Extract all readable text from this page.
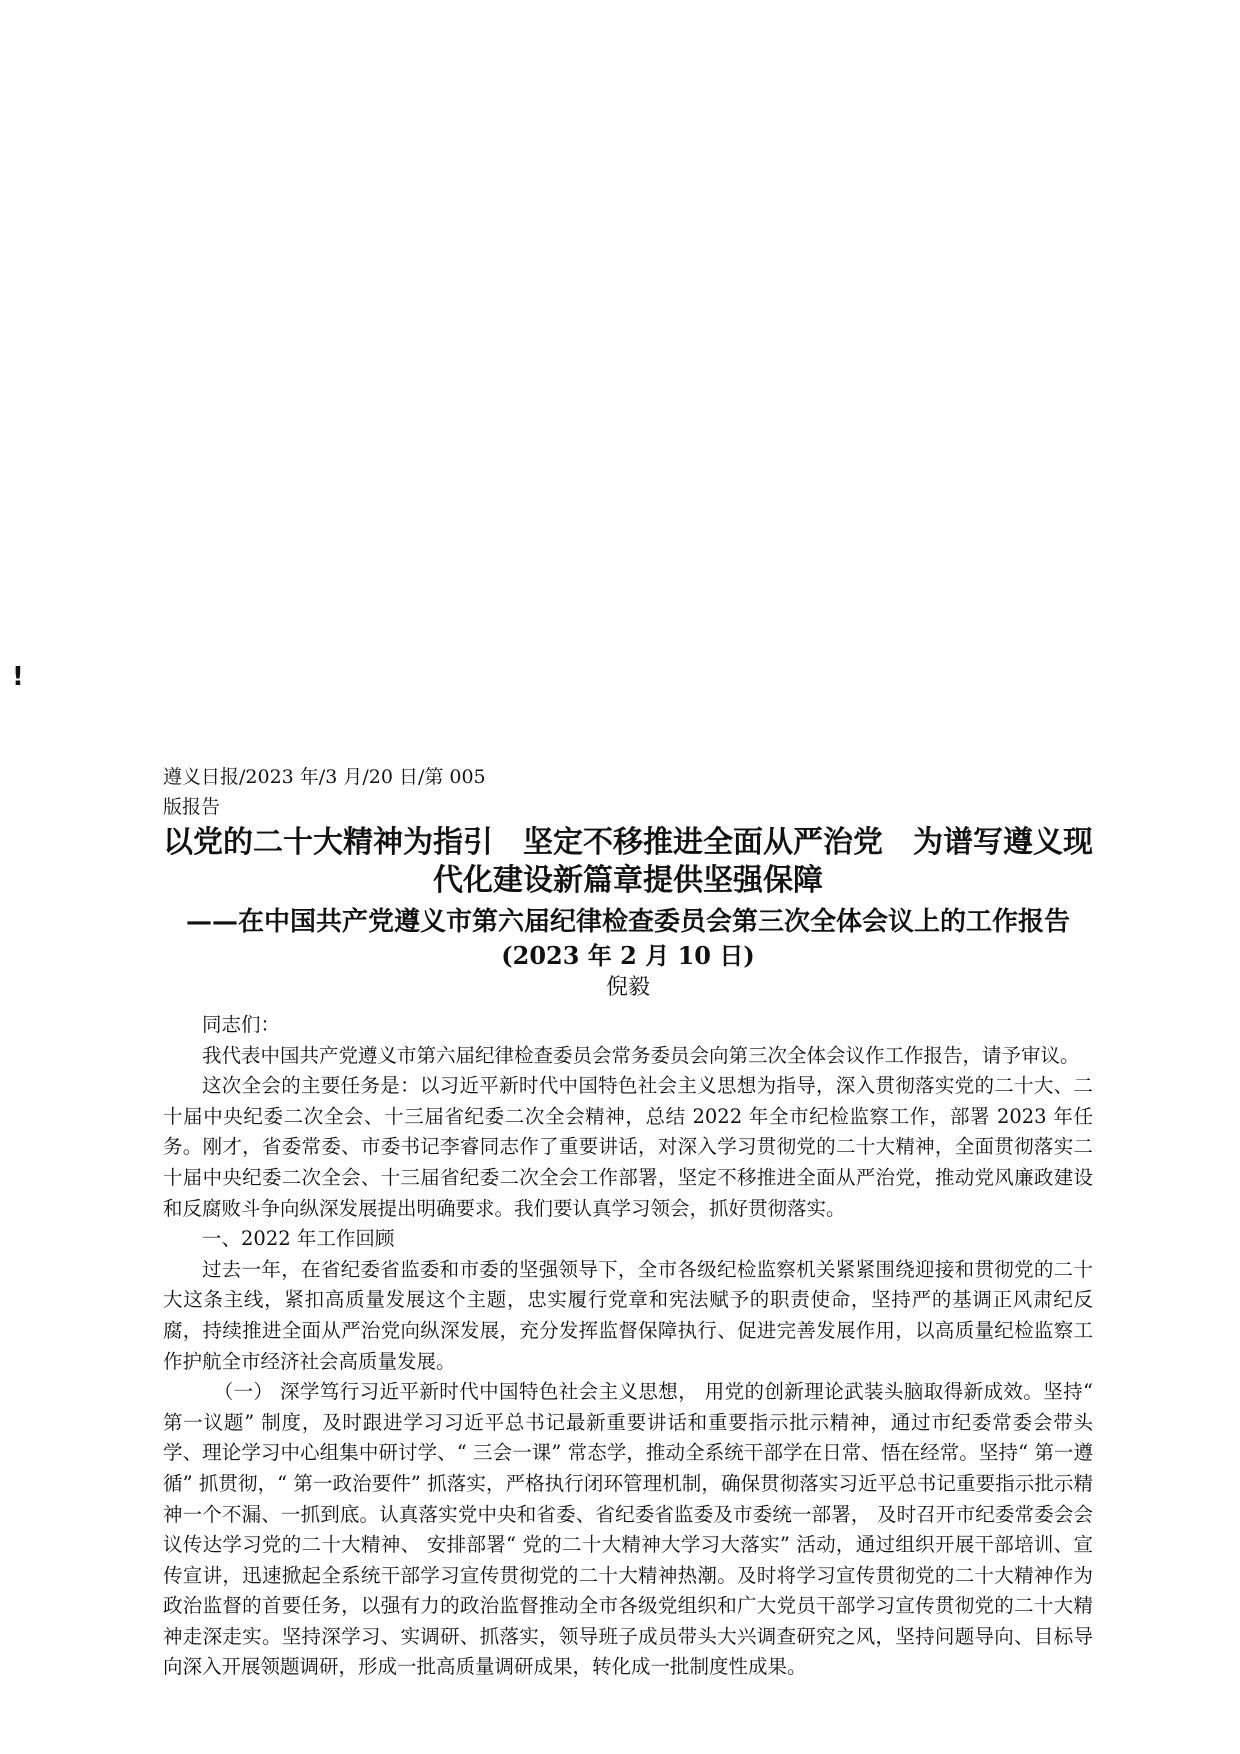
!

遵义日报/2023 年/3 月/20 日/第 005 版报告

以党的二十大精神为指引　坚定不移推进全面从严治党　为谱写遵义现代化建设新篇章提供坚强保障
——在中国共产党遵义市第六届纪律检查委员会第三次全体会议上的工作报告
(2023 年 2 月 10 日)
倪毅

同志们：

我代表中国共产党遵义市第六届纪律检查委员会常务委员会向第三次全体会议作工作报告，请予审议。

这次全会的主要任务是：以习近平新时代中国特色社会主义思想为指导，深入贯彻落实党的二十大、二十届中央纪委二次全会、十三届省纪委二次全会精神，总结 2022 年全市纪检监察工作，部署 2023 年任务。刚才，省委常委、市委书记李睿同志作了重要讲话，对深入学习贯彻党的二十大精神，全面贯彻落实二十届中央纪委二次全会、十三届省纪委二次全会工作部署，坚定不移推进全面从严治党，推动党风廉政建设和反腐败斗争向纵深发展提出明确要求。我们要认真学习领会，抓好贯彻落实。

一、2022 年工作回顾

过去一年，在省纪委省监委和市委的坚强领导下，全市各级纪检监察机关紧紧围绕迎接和贯彻党的二十大这条主线，紧扣高质量发展这个主题，忠实履行党章和宪法赋予的职责使命，坚持严的基调正风肃纪反腐，持续推进全面从严治党向纵深发展，充分发挥监督保障执行、促进完善发展作用，以高质量纪检监察工作护航全市经济社会高质量发展。

（一） 深学笃行习近平新时代中国特色社会主义思想， 用党的创新理论武装头脑取得新成效。坚持“ 第一议题” 制度，及时跟进学习习近平总书记最新重要讲话和重要指示批示精神，通过市纪委常委会带头学、理论学习中心组集中研讨学、“ 三会一课” 常态学，推动全系统干部学在日常、悟在经常。坚持“ 第一遵循” 抓贯彻，“ 第一政治要件” 抓落实，严格执行闭环管理机制，确保贯彻落实习近平总书记重要指示批示精神一个不漏、一抓到底。认真落实党中央和省委、省纪委省监委及市委统一部署， 及时召开市纪委常委会会议传达学习党的二十大精神、 安排部署“ 党的二十大精神大学习大落实” 活动，通过组织开展干部培训、宣传宣讲，迅速掀起全系统干部学习宣传贯彻党的二十大精神热潮。及时将学习宣传贯彻党的二十大精神作为政治监督的首要任务，以强有力的政治监督推动全市各级党组织和广大党员干部学习宣传贯彻党的二十大精神走深走实。坚持深学习、实调研、抓落实，领导班子成员带头大兴调查研究之风，坚持问题导向、目标导向深入开展领题调研，形成一批高质量调研成果，转化成一批制度性成果。
